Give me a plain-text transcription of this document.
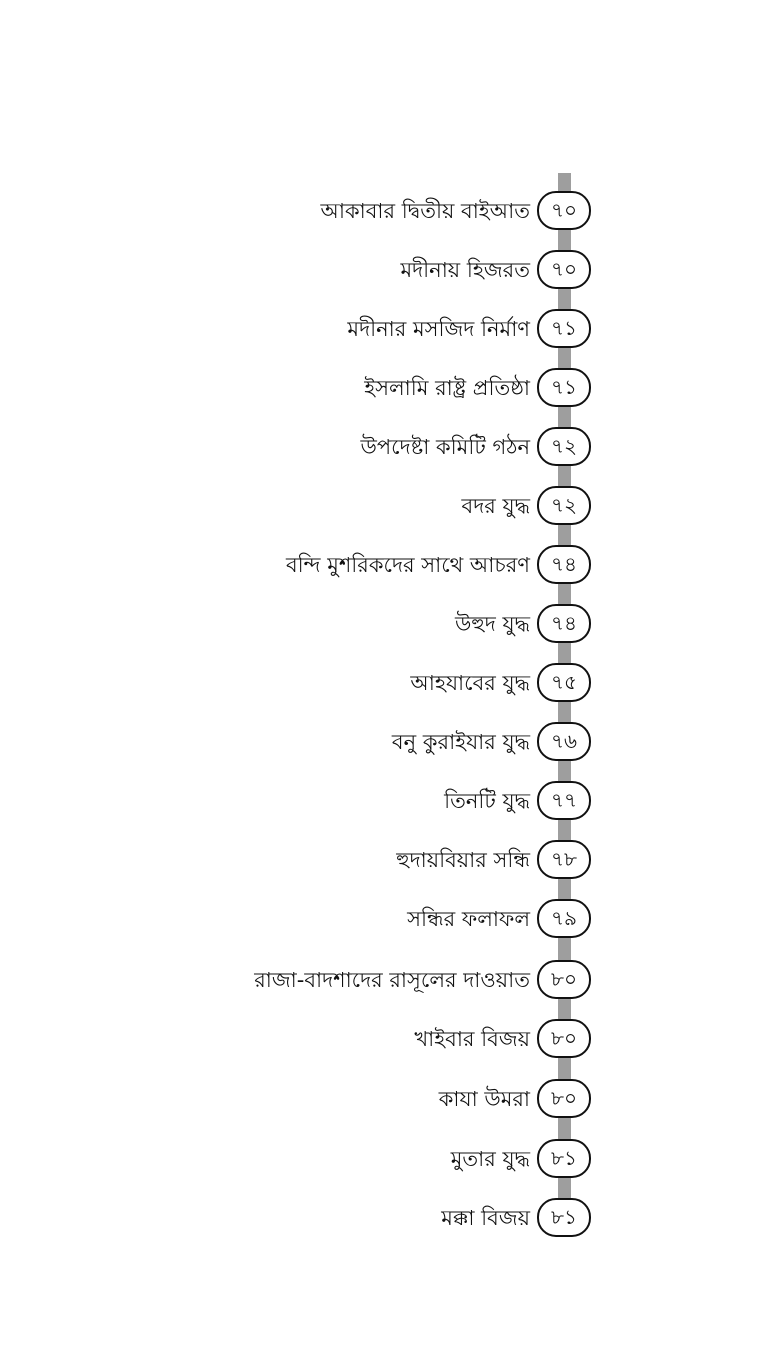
আকাবার দ্বিতীয় বাইআত	৭০
মদীনায় হিজরত	৭০
মদীনার মসজিদ নির্মাণ	৭১
ইসলামি রাষ্ট্র প্রতিষ্ঠা	৭১
উপদেষ্টা কমিটি গঠন	৭২
বদর যুদ্ধ	৭২
বন্দি মুশরিকদের সাথে আচরণ	৭৪
উহুদ যুদ্ধ	৭৪
আহযাবের যুদ্ধ	৭৫
বনু কুরাইযার যুদ্ধ	৭৬
তিনটি যুদ্ধ	৭৭
হুদায়বিয়ার সন্ধি	৭৮
সন্ধির ফলাফল	৭৯
রাজা-বাদশাদের রাসূলের দাওয়াত	৮০
খাইবার বিজয়	৮০
কাযা উমরা	৮০
মুতার যুদ্ধ	৮১
মক্কা বিজয়	৮১
